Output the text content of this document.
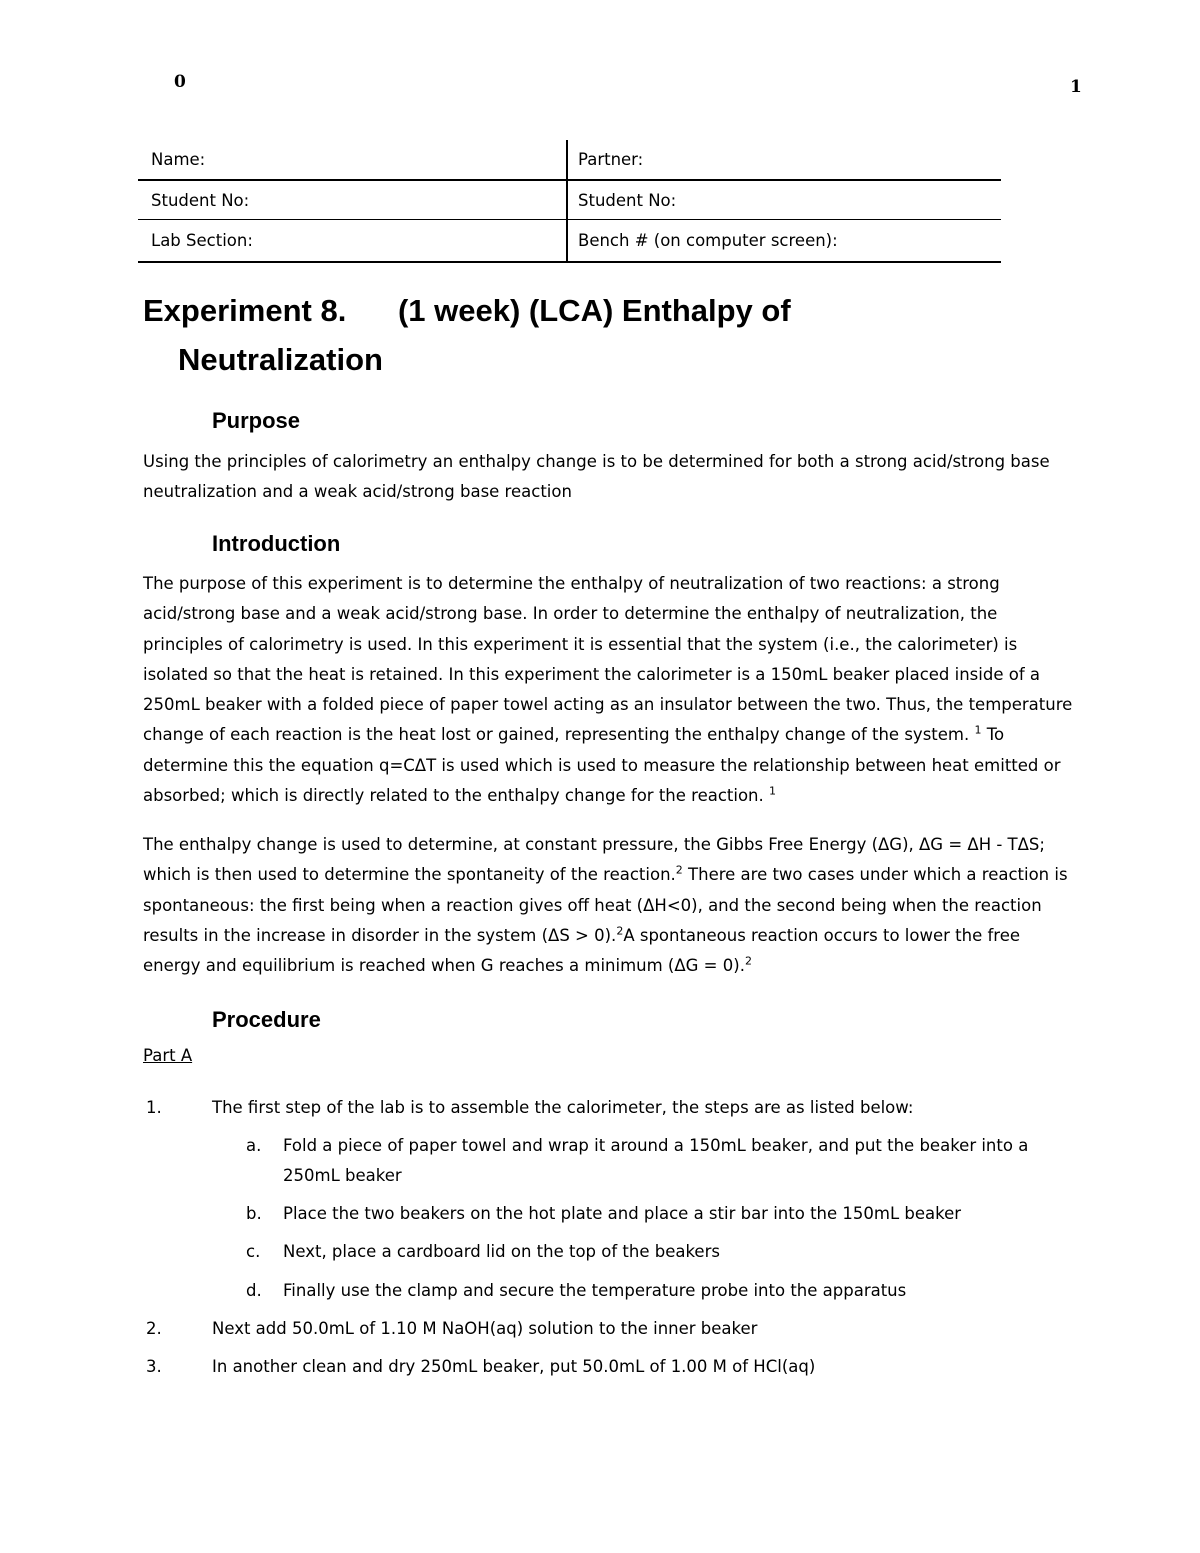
0	1
Name:	Partner:
Student No:	Student No:
Lab Section:	Bench # (on computer screen):
Experiment 8.      (1 week) (LCA) Enthalpy of
Neutralization
Purpose
Using the principles of calorimetry an enthalpy change is to be determined for both a strong acid/strong base neutralization and a weak acid/strong base reaction
Introduction
The purpose of this experiment is to determine the enthalpy of neutralization of two reactions: a strong acid/strong base and a weak acid/strong base. In order to determine the enthalpy of neutralization, the principles of calorimetry is used. In this experiment it is essential that the system (i.e., the calorimeter) is isolated so that the heat is retained. In this experiment the calorimeter is a 150mL beaker placed inside of a 250mL beaker with a folded piece of paper towel acting as an insulator between the two. Thus, the temperature change of each reaction is the heat lost or gained, representing the enthalpy change of the system. $^1$ To determine this the equation q=CΔT is used which is used to measure the relationship between heat emitted or absorbed; which is directly related to the enthalpy change for the reaction. $^1$
The enthalpy change is used to determine, at constant pressure, the Gibbs Free Energy (ΔG), ΔG = ΔH - TΔS; which is then used to determine the spontaneity of the reaction.$^2$ There are two cases under which a reaction is spontaneous: the first being when a reaction gives off heat (ΔH<0), and the second being when the reaction results in the increase in disorder in the system (ΔS > 0).$^2$A spontaneous reaction occurs to lower the free energy and equilibrium is reached when G reaches a minimum (ΔG = 0).$^2$
Procedure
Part A
1.	The first step of the lab is to assemble the calorimeter, the steps are as listed below:
a.	Fold a piece of paper towel and wrap it around a 150mL beaker, and put the beaker into a 250mL beaker
b.	Place the two beakers on the hot plate and place a stir bar into the 150mL beaker
c.	Next, place a cardboard lid on the top of the beakers
d.	Finally use the clamp and secure the temperature probe into the apparatus
2.	Next add 50.0mL of 1.10 M NaOH(aq) solution to the inner beaker
3.	In another clean and dry 250mL beaker, put 50.0mL of 1.00 M of HCl(aq)
